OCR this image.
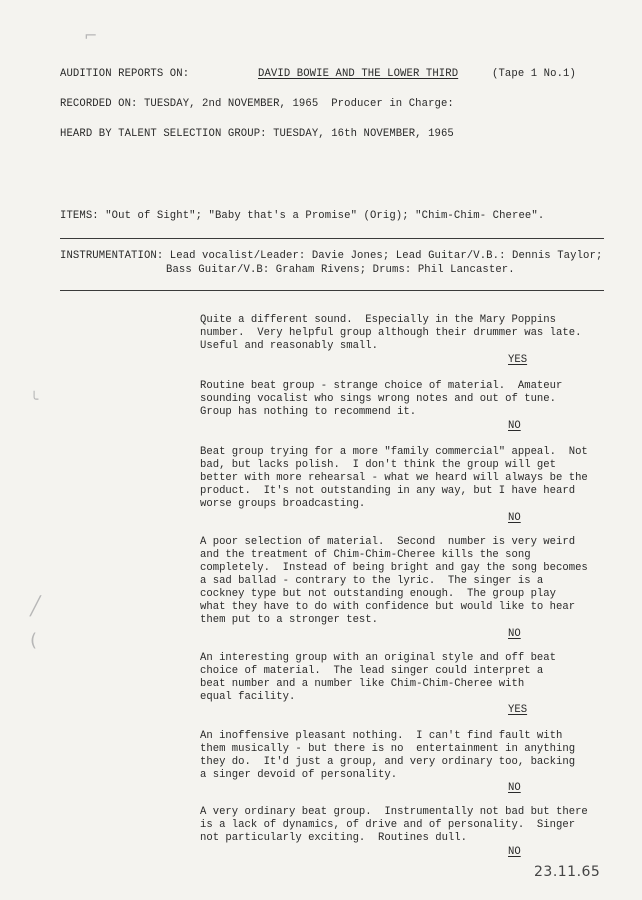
⌐
╰
╱
(
AUDITION REPORTS ON:	DAVID BOWIE AND THE LOWER THIRD	(Tape 1 No.1)
RECORDED ON: TUESDAY, 2nd NOVEMBER, 1965  Producer in Charge:
HEARD BY TALENT SELECTION GROUP: TUESDAY, 16th NOVEMBER, 1965
ITEMS: "Out of Sight"; "Baby that's a Promise" (Orig); "Chim-Chim- Cheree".
INSTRUMENTATION: Lead vocalist/Leader: Davie Jones; Lead Guitar/V.B.: Dennis Taylor;
Bass Guitar/V.B: Graham Rivens; Drums: Phil Lancaster.
Quite a different sound.  Especially in the Mary Poppins
number.  Very helpful group although their drummer was late.
Useful and reasonably small.
YES
Routine beat group - strange choice of material.  Amateur
sounding vocalist who sings wrong notes and out of tune.
Group has nothing to recommend it.
NO
Beat group trying for a more "family commercial" appeal.  Not
bad, but lacks polish.  I don't think the group will get
better with more rehearsal - what we heard will always be the
product.  It's not outstanding in any way, but I have heard
worse groups broadcasting.
NO
A poor selection of material.  Second  number is very weird
and the treatment of Chim-Chim-Cheree kills the song
completely.  Instead of being bright and gay the song becomes
a sad ballad - contrary to the lyric.  The singer is a
cockney type but not outstanding enough.  The group play
what they have to do with confidence but would like to hear
them put to a stronger test.
NO
An interesting group with an original style and off beat
choice of material.  The lead singer could interpret a
beat number and a number like Chim-Chim-Cheree with
equal facility.
YES
An inoffensive pleasant nothing.  I can't find fault with
them musically - but there is no  entertainment in anything
they do.  It'd just a group, and very ordinary too, backing
a singer devoid of personality.
NO
A very ordinary beat group.  Instrumentally not bad but there
is a lack of dynamics, of drive and of personality.  Singer
not particularly exciting.  Routines dull.
NO
23.11.65
